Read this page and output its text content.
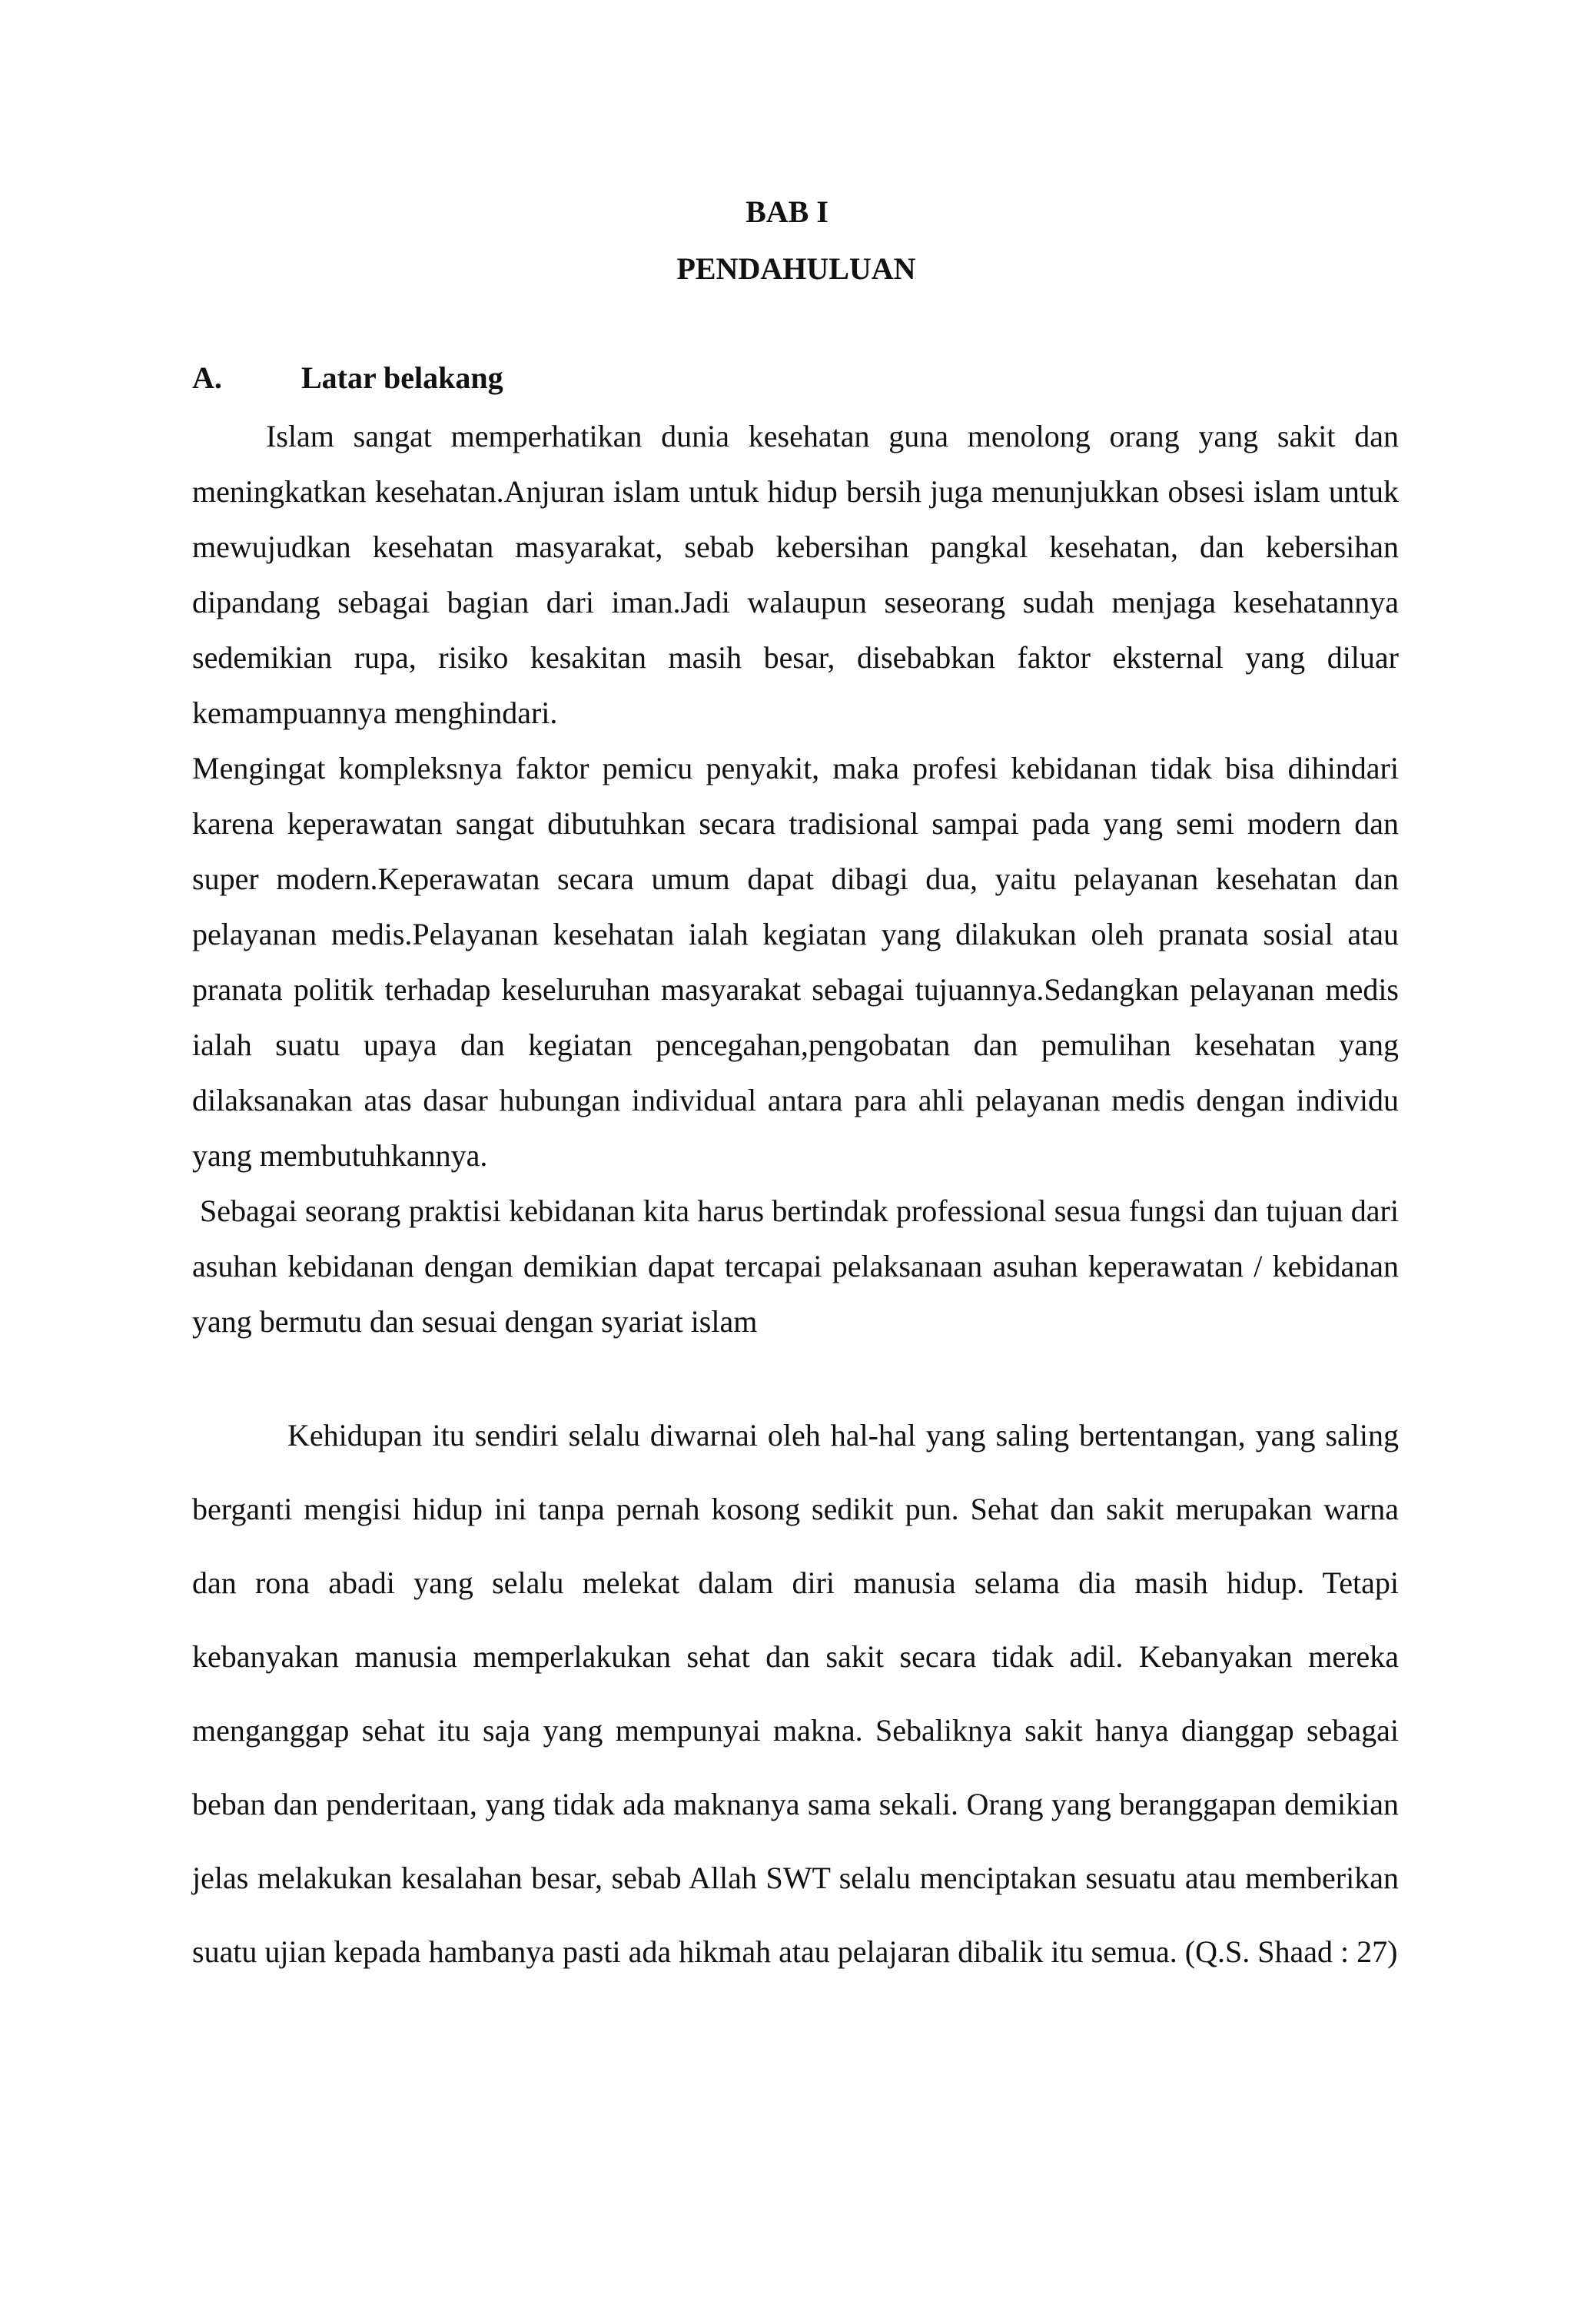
BAB I
PENDAHULUAN
A.	Latar belakang

Islam sangat memperhatikan dunia kesehatan guna menolong orang yang sakit dan meningkatkan kesehatan.Anjuran islam untuk hidup bersih juga menunjukkan obsesi islam untuk mewujudkan kesehatan masyarakat, sebab kebersihan pangkal kesehatan, dan kebersihan dipandang sebagai bagian dari iman.Jadi walaupun seseorang sudah menjaga kesehatannya sedemikian rupa, risiko kesakitan masih besar, disebabkan faktor eksternal yang diluar kemampuannya menghindari.

Mengingat kompleksnya faktor pemicu penyakit, maka profesi kebidanan tidak bisa dihindari karena keperawatan sangat dibutuhkan secara tradisional sampai pada yang semi modern dan super modern.Keperawatan secara umum dapat dibagi dua, yaitu pelayanan kesehatan dan pelayanan medis.Pelayanan kesehatan ialah kegiatan yang dilakukan oleh pranata sosial atau pranata politik terhadap keseluruhan masyarakat sebagai tujuannya.Sedangkan pelayanan medis ialah suatu upaya dan kegiatan pencegahan,pengobatan dan pemulihan kesehatan yang dilaksanakan atas dasar hubungan individual antara para ahli pelayanan medis dengan individu yang membutuhkannya.

Sebagai seorang praktisi kebidanan kita harus bertindak professional sesua fungsi dan tujuan dari asuhan kebidanan dengan demikian dapat tercapai pelaksanaan asuhan keperawatan / kebidanan yang bermutu dan sesuai dengan syariat islam

Kehidupan itu sendiri selalu diwarnai oleh hal-hal yang saling bertentangan, yang saling berganti mengisi hidup ini tanpa pernah kosong sedikit pun. Sehat dan sakit merupakan warna dan rona abadi yang selalu melekat dalam diri manusia selama dia masih hidup. Tetapi kebanyakan manusia memperlakukan sehat dan sakit secara tidak adil. Kebanyakan mereka menganggap sehat itu saja yang mempunyai makna. Sebaliknya sakit hanya dianggap sebagai beban dan penderitaan, yang tidak ada maknanya sama sekali. Orang yang beranggapan demikian jelas melakukan kesalahan besar, sebab Allah SWT selalu menciptakan sesuatu atau memberikan suatu ujian kepada hambanya pasti ada hikmah atau pelajaran dibalik itu semua. (Q.S. Shaad : 27)
